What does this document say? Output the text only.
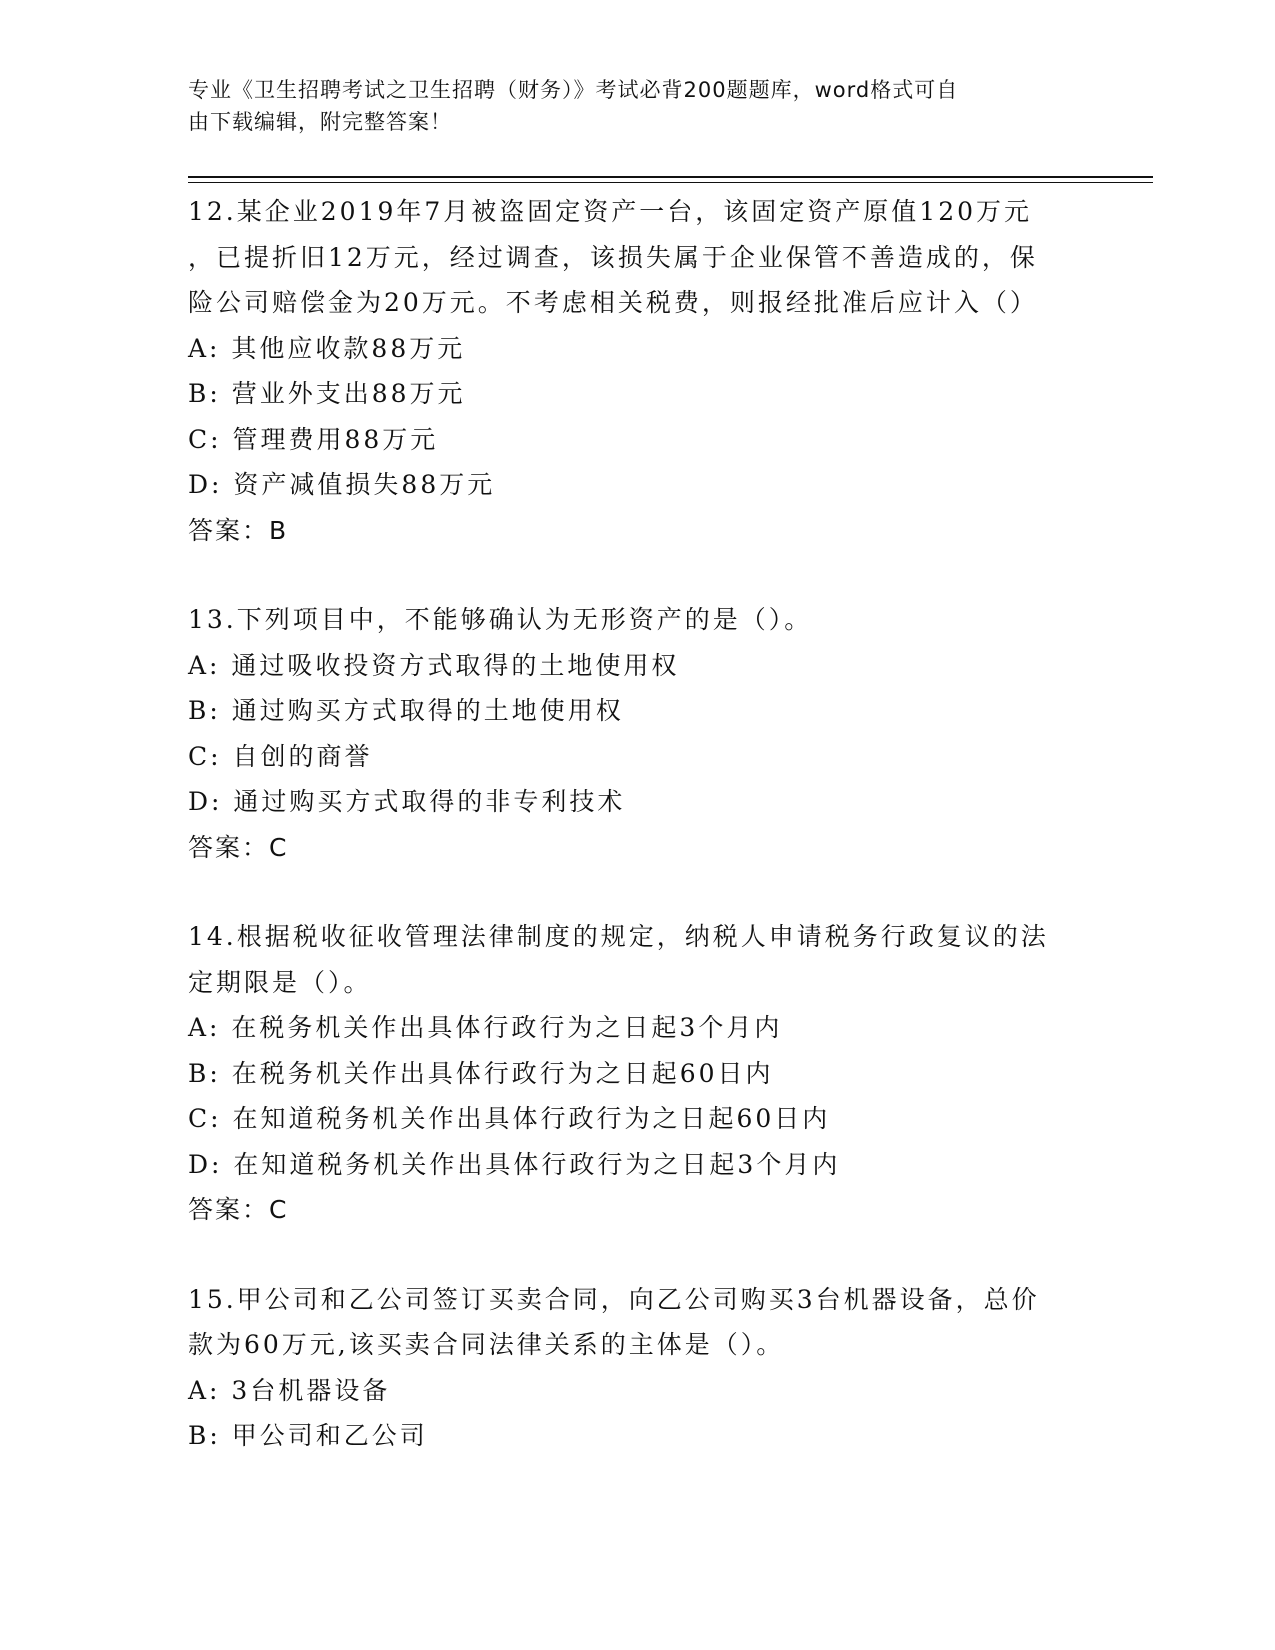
专业《卫生招聘考试之卫生招聘（财务）》考试必背200题题库，word格式可自
由下载编辑，附完整答案！

12.某企业2019年7月被盗固定资产一台，该固定资产原值120万元

，已提折旧12万元，经过调查，该损失属于企业保管不善造成的，保

险公司赔偿金为20万元。不考虑相关税费，则报经批准后应计入（）

A: 其他应收款88万元

B: 营业外支出88万元

C: 管理费用88万元

D: 资产减值损失88万元

答案：B

13.下列项目中，不能够确认为无形资产的是（）。

A: 通过吸收投资方式取得的土地使用权

B: 通过购买方式取得的土地使用权

C: 自创的商誉

D: 通过购买方式取得的非专利技术

答案：C

14.根据税收征收管理法律制度的规定，纳税人申请税务行政复议的法

定期限是（）。

A: 在税务机关作出具体行政行为之日起3个月内

B: 在税务机关作出具体行政行为之日起60日内

C: 在知道税务机关作出具体行政行为之日起60日内

D: 在知道税务机关作出具体行政行为之日起3个月内

答案：C

15.甲公司和乙公司签订买卖合同，向乙公司购买3台机器设备，总价

款为60万元,该买卖合同法律关系的主体是（）。

A: 3台机器设备

B: 甲公司和乙公司
